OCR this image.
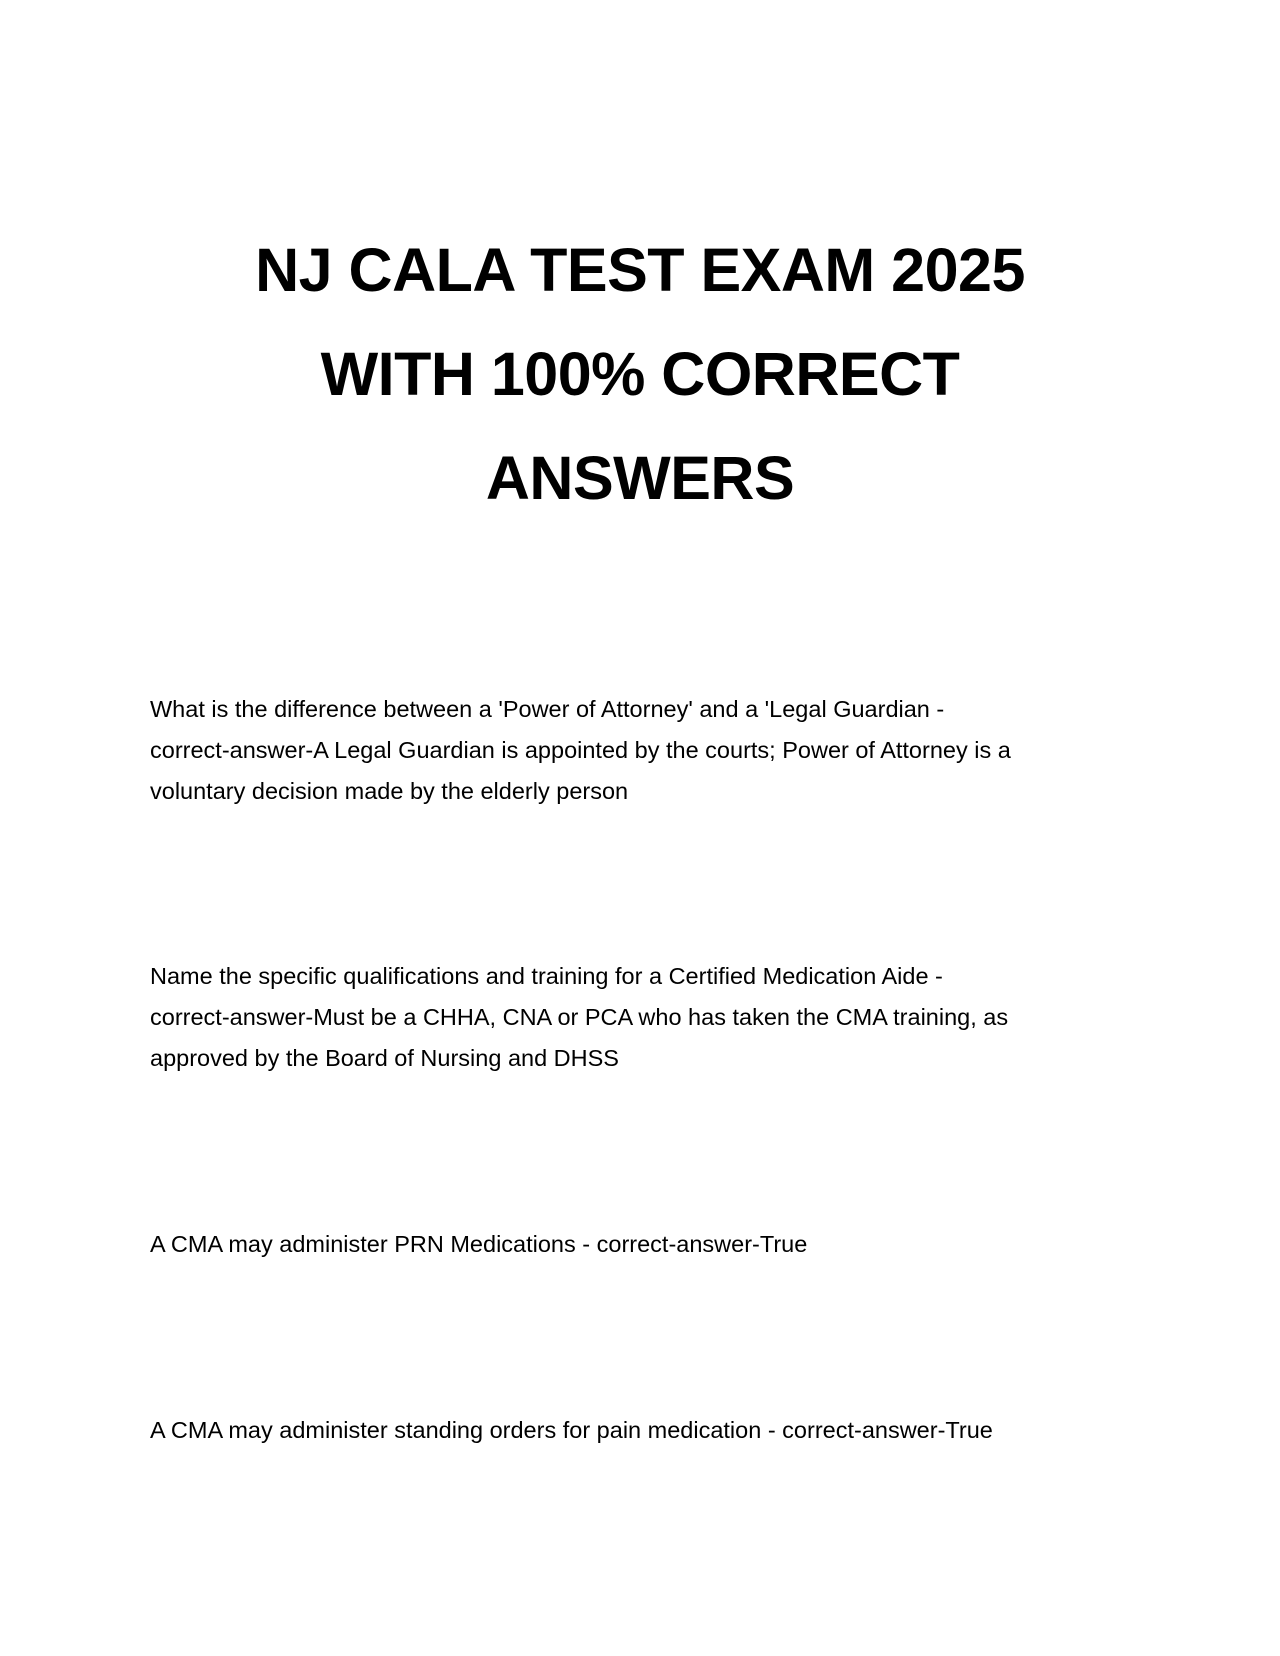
NJ CALA TEST EXAM 2025
WITH 100% CORRECT
ANSWERS
What is the difference between a 'Power of Attorney' and a 'Legal Guardian -
correct-answer-A Legal Guardian is appointed by the courts; Power of Attorney is a
voluntary decision made by the elderly person
Name the specific qualifications and training for a Certified Medication Aide -
correct-answer-Must be a CHHA, CNA or PCA who has taken the CMA training, as
approved by the Board of Nursing and DHSS
A CMA may administer PRN Medications - correct-answer-True
A CMA may administer standing orders for pain medication - correct-answer-True
